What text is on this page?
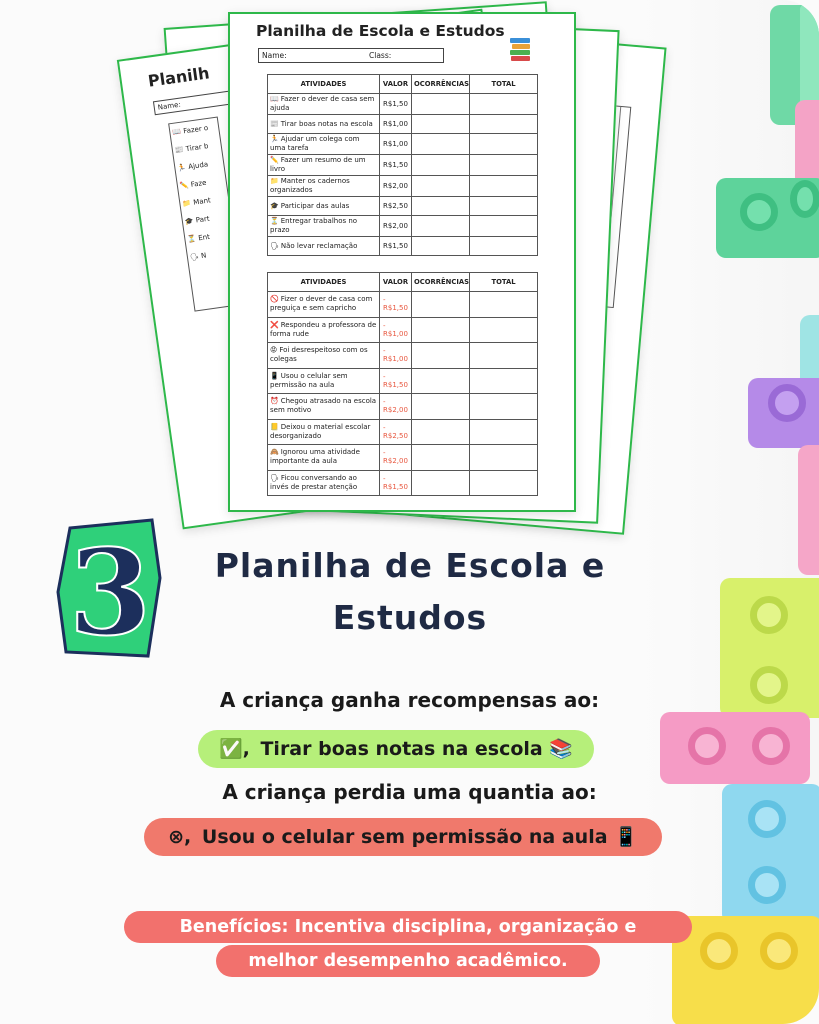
Planilh
Name:
📖 Fazer o
📰 Tirar b
🏃 Ajuda
✏️ Faze
📁 Mant
🎓 Part
⏳ Ent
🗣 N
Planilha de Escola e Estudos
Name:	Class:
ATIVIDADES	VALOR	OCORRÊNCIAS	TOTAL
📖 Fazer o dever de casa sem ajuda	R$1,50		
📰 Tirar boas notas na escola	R$1,00		
🏃 Ajudar um colega com uma tarefa	R$1,00		
✏️ Fazer um resumo de um livro	R$1,50		
📁 Manter os cadernos organizados	R$2,00		
🎓 Participar das aulas	R$2,50		
⏳ Entregar trabalhos no prazo	R$2,00		
🗣 Não levar reclamação	R$1,50		
ATIVIDADES	VALOR	OCORRÊNCIAS	TOTAL
🚫 Fizer o dever de casa com preguiça e sem capricho	-R$1,50		
❌ Respondeu a professora de forma rude	-R$1,00		
😡 Foi desrespeitoso com os colegas	-R$1,00		
📱 Usou o celular sem permissão na aula	-R$1,50		
⏰ Chegou atrasado na escola sem motivo	-R$2,00		
📒 Deixou o material escolar desorganizado	-R$2,50		
🙈 Ignorou uma atividade importante da aula	-R$2,00		
🗣 Ficou conversando ao invés de prestar atenção	-R$1,50		
3	Planilha de Escola e
Estudos
A criança ganha recompensas ao:
✅, Tirar boas notas na escola 📚
A criança perdia uma quantia ao:
⊗, Usou o celular sem permissão na aula 📱
Benefícios: Incentiva disciplina, organização e
melhor desempenho acadêmico.
